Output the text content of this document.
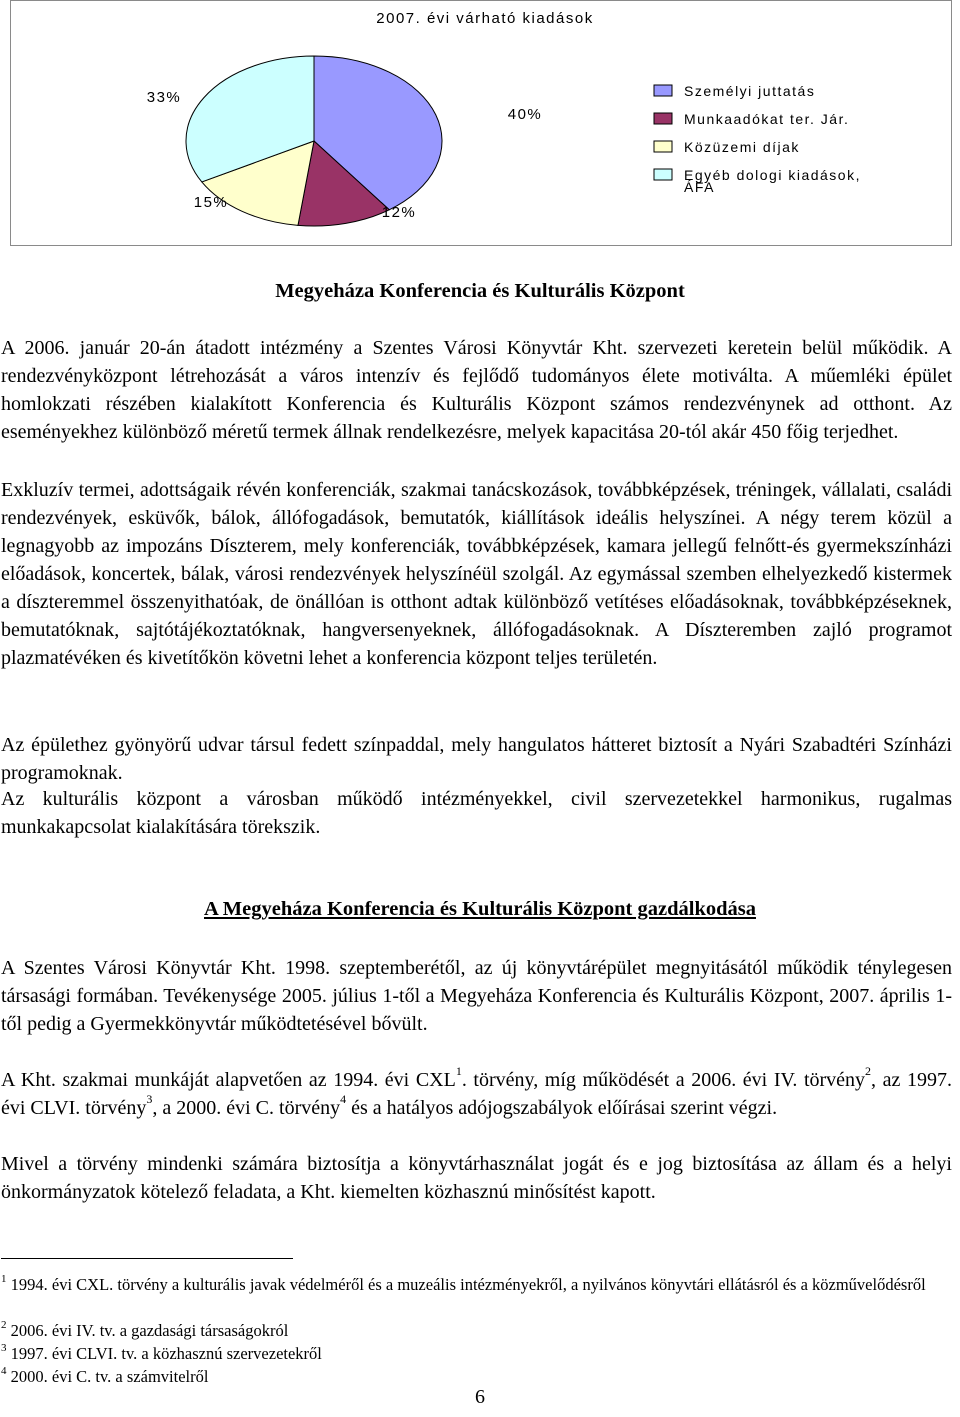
2007. évi várható kiadások
40%
12%
15%
33%	Személyi juttatás
Munkaadókat ter. Jár.
Közüzemi díjak
Egyéb dologi kiadások, ÁFA
Megyeháza Konferencia és Kulturális Központ
A 2006. január 20-án átadott intézmény a Szentes Városi Könyvtár Kht. szervezeti keretein belül működik. A rendezvényközpont létrehozását a város intenzív és fejlődő tudományos élete motiválta. A műemléki épület homlokzati részében kialakított Konferencia és Kulturális Központ számos rendezvénynek ad otthont. Az eseményekhez különböző méretű termek állnak rendelkezésre, melyek kapacitása 20-tól akár 450 főig terjedhet.
Exkluzív termei, adottságaik révén konferenciák, szakmai tanácskozások, továbbképzések, tréningek, vállalati, családi rendezvények, esküvők, bálok, állófogadások, bemutatók, kiállítások ideális helyszínei. A négy terem közül a legnagyobb az impozáns Díszterem, mely konferenciák, továbbképzések, kamara jellegű felnőtt-és gyermekszínházi előadások, koncertek, bálak, városi rendezvények helyszínéül szolgál. Az egymással szemben elhelyezkedő kistermek a díszteremmel összenyithatóak, de önállóan is otthont adtak különböző vetítéses előadásoknak, továbbképzéseknek, bemutatóknak, sajtótájékoztatóknak, hangversenyeknek, állófogadásoknak. A Díszteremben zajló programot plazmatévéken és kivetítőkön követni lehet a konferencia központ teljes területén.
Az épülethez gyönyörű udvar társul fedett színpaddal, mely hangulatos hátteret biztosít a Nyári Szabadtéri Színházi programoknak.
Az kulturális központ a városban működő intézményekkel, civil szervezetekkel harmonikus, rugalmas munkakapcsolat kialakítására törekszik.
A Megyeháza Konferencia és Kulturális Központ gazdálkodása
A Szentes Városi Könyvtár Kht. 1998. szeptemberétől, az új könyvtárépület megnyitásától működik ténylegesen társasági formában. Tevékenysége 2005. július 1-től a Megyeháza Konferencia és Kulturális Központ, 2007. április 1-től pedig a Gyermekkönyvtár működtetésével bővült.
A Kht. szakmai munkáját alapvetően az 1994. évi CXL$^1$. törvény, míg működését a 2006. évi IV. törvény$^2$, az 1997. évi CLVI. törvény$^3$, a 2000. évi C. törvény$^4$ és a hatályos adójogszabályok előírásai szerint végzi.
Mivel a törvény mindenki számára biztosítja a könyvtárhasználat jogát és e jog biztosítása az állam és a helyi önkormányzatok kötelező feladata, a Kht. kiemelten közhasznú minősítést kapott.
$^1$ 1994. évi CXL. törvény a kulturális javak védelméről és a muzeális intézményekről, a nyilvános könyvtári ellátásról és a közművelődésről
$^2$ 2006. évi IV. tv. a gazdasági társaságokról
$^3$ 1997. évi CLVI. tv. a közhasznú szervezetekről
$^4$ 2000. évi C. tv. a számvitelről
6
